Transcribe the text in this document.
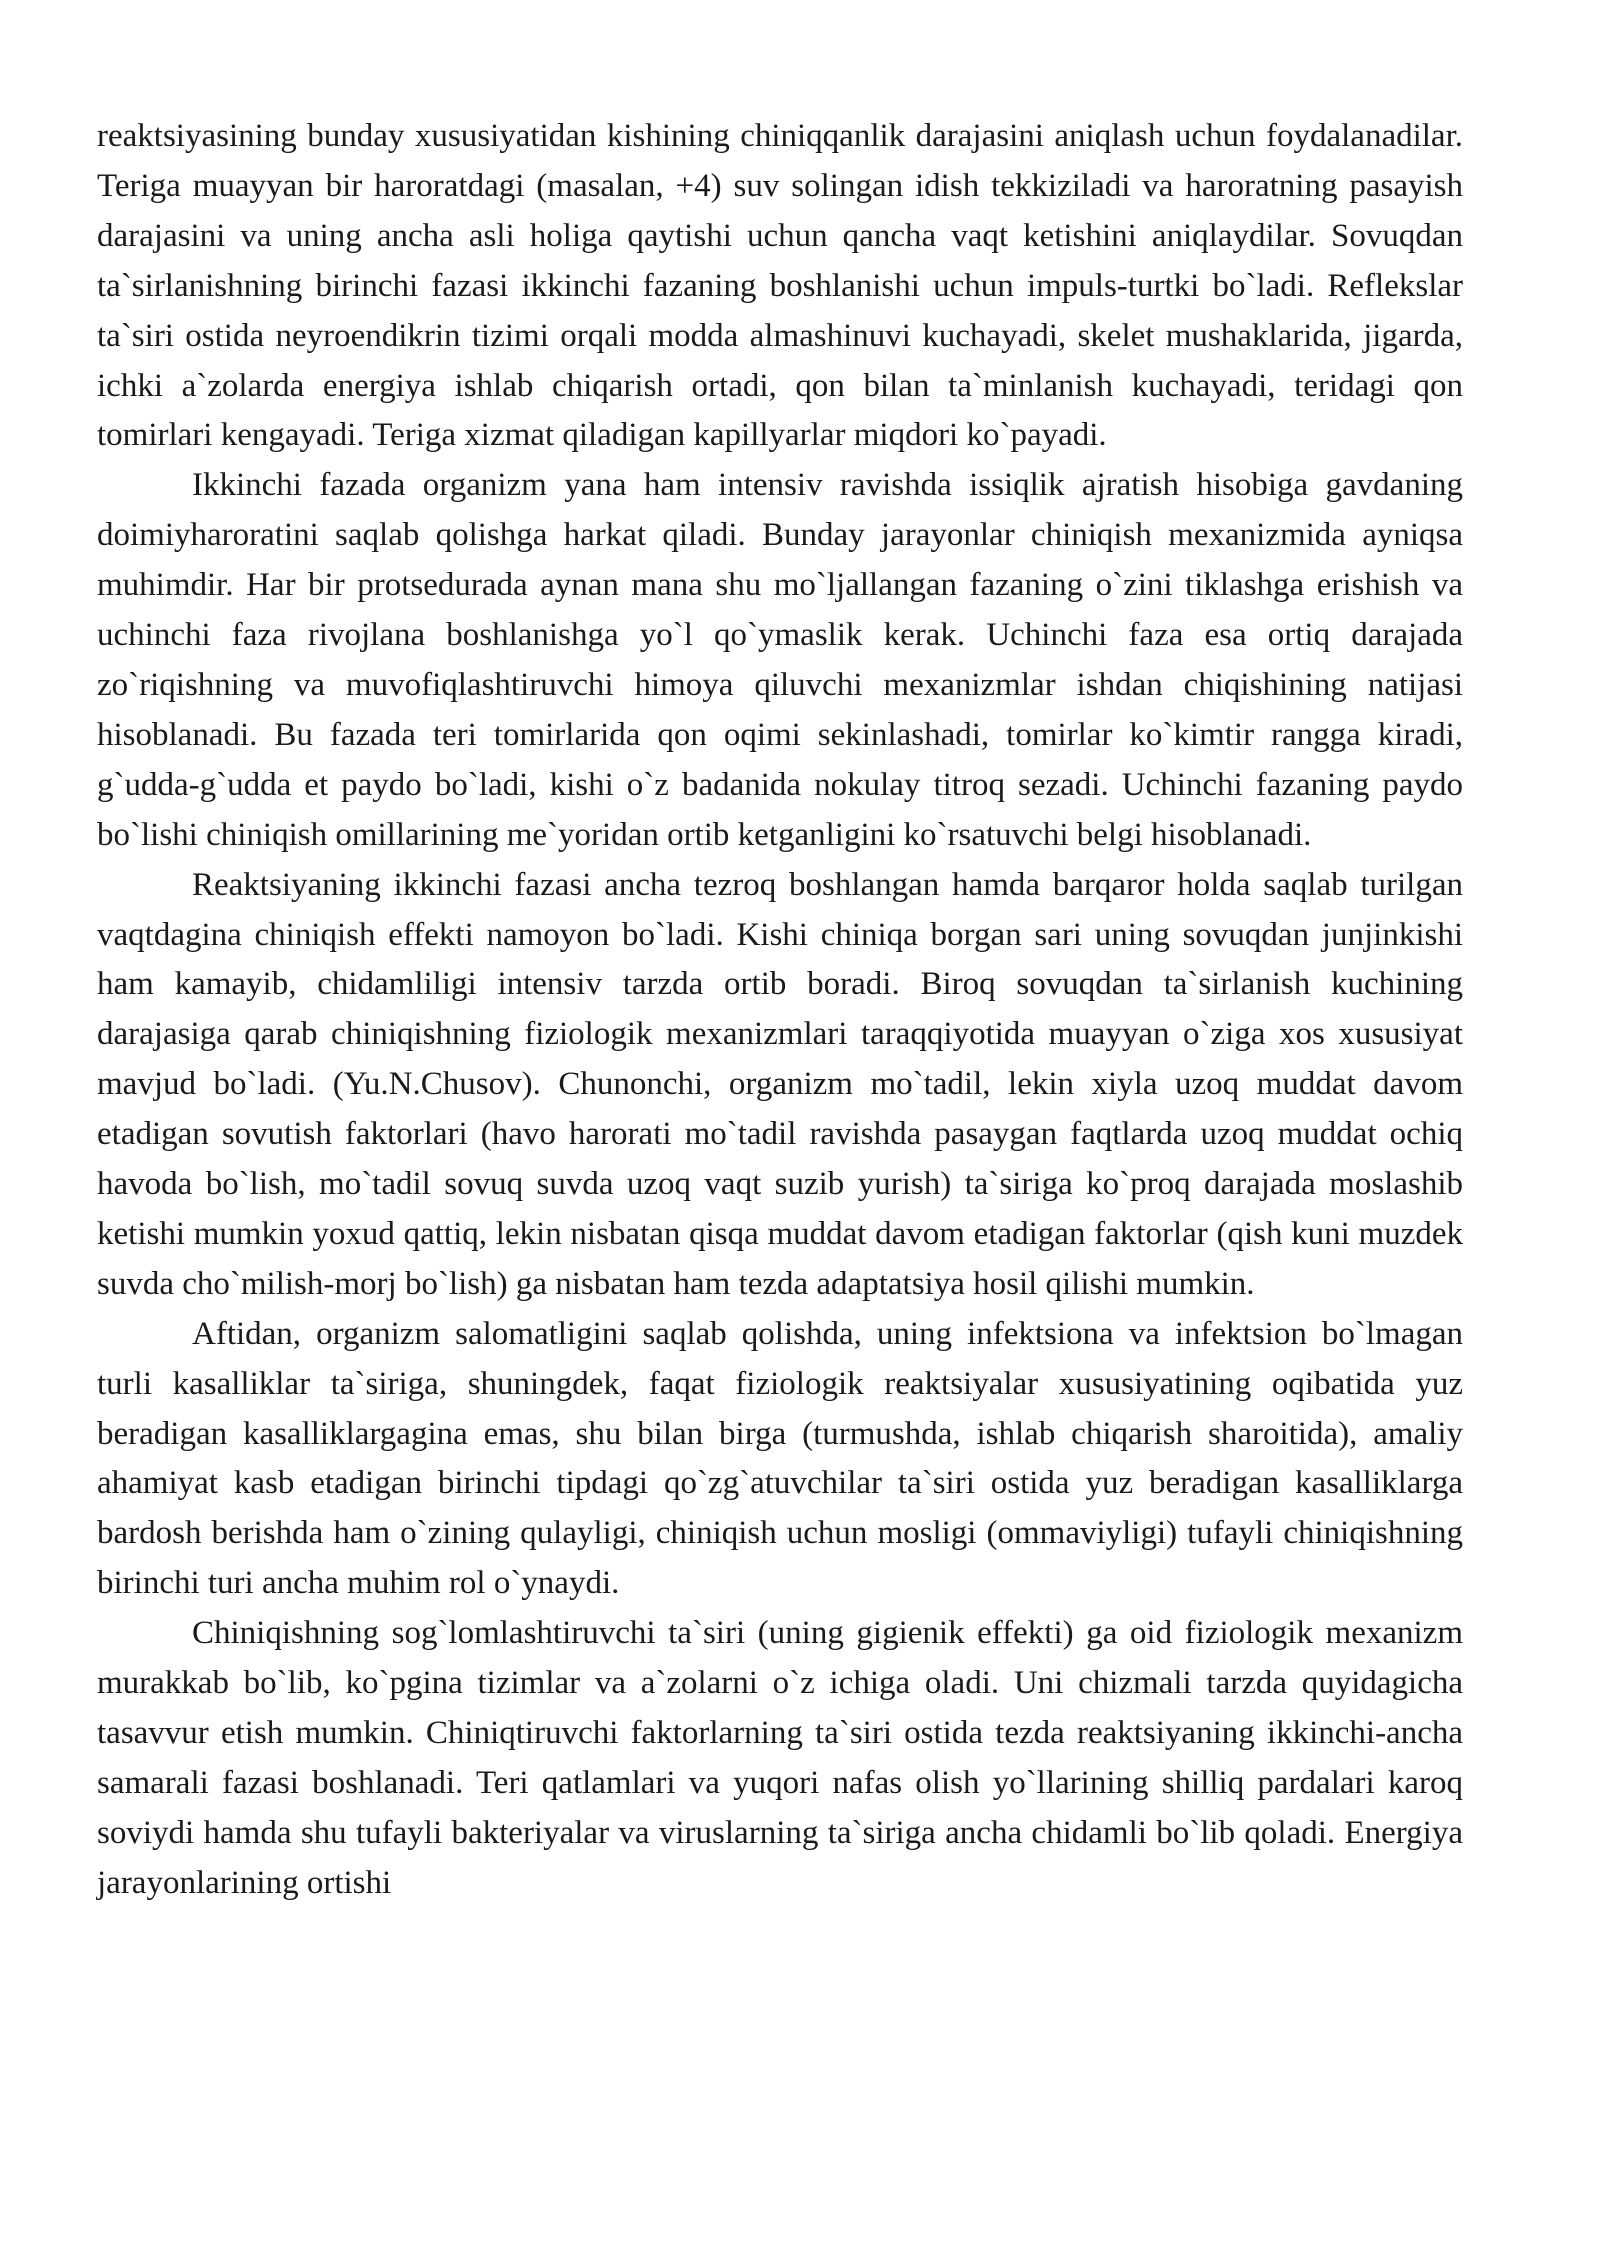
reaktsiyasining bunday xususiyatidan kishining chiniqqanlik darajasini aniqlash uchun foydalanadilar. Teriga muayyan bir haroratdagi (masalan, +4) suv solingan idish tekkiziladi va haroratning pasayish darajasini va uning ancha asli holiga qaytishi uchun qancha vaqt ketishini aniqlaydilar. Sovuqdan ta`sirlanishning birinchi fazasi ikkinchi fazaning boshlanishi uchun impuls-turtki bo`ladi. Reflekslar ta`siri ostida neyroendikrin tizimi orqali modda almashinuvi kuchayadi, skelet mushaklarida, jigarda, ichki a`zolarda energiya ishlab chiqarish ortadi, qon bilan ta`minlanish kuchayadi, teridagi qon tomirlari kengayadi. Teriga xizmat qiladigan kapillyarlar miqdori ko`payadi.

Ikkinchi fazada organizm yana ham intensiv ravishda issiqlik ajratish hisobiga gavdaning doimiyharoratini saqlab qolishga harkat qiladi. Bunday jarayonlar chiniqish mexanizmida ayniqsa muhimdir. Har bir protsedurada aynan mana shu mo`ljallangan fazaning o`zini tiklashga erishish va uchinchi faza rivojlana boshlanishga yo`l qo`ymaslik kerak. Uchinchi faza esa ortiq darajada zo`riqishning va muvofiqlashtiruvchi himoya qiluvchi mexanizmlar ishdan chiqishining natijasi hisoblanadi. Bu fazada teri tomirlarida qon oqimi sekinlashadi, tomirlar ko`kimtir rangga kiradi, g`udda-g`udda et paydo bo`ladi, kishi o`z badanida nokulay titroq sezadi. Uchinchi fazaning paydo bo`lishi chiniqish omillarining me`yoridan ortib ketganligini ko`rsatuvchi belgi hisoblanadi.

Reaktsiyaning ikkinchi fazasi ancha tezroq boshlangan hamda barqaror holda saqlab turilgan vaqtdagina chiniqish effekti namoyon bo`ladi. Kishi chiniqa borgan sari uning sovuqdan junjinkishi ham kamayib, chidamliligi intensiv tarzda ortib boradi. Biroq sovuqdan ta`sirlanish kuchining darajasiga qarab chiniqishning fiziologik mexanizmlari taraqqiyotida muayyan o`ziga xos xususiyat mavjud bo`ladi. (Yu.N.Chusov). Chunonchi, organizm mo`tadil, lekin xiyla uzoq muddat davom etadigan sovutish faktorlari (havo harorati mo`tadil ravishda pasaygan faqtlarda uzoq muddat ochiq havoda bo`lish, mo`tadil sovuq suvda uzoq vaqt suzib yurish) ta`siriga ko`proq darajada moslashib ketishi mumkin yoxud qattiq, lekin nisbatan qisqa muddat davom etadigan faktorlar (qish kuni muzdek suvda cho`milish-morj bo`lish) ga nisbatan ham tezda adaptatsiya hosil qilishi mumkin.

Aftidan, organizm salomatligini saqlab qolishda, uning infektsiona va infektsion bo`lmagan turli kasalliklar ta`siriga, shuningdek, faqat fiziologik reaktsiyalar xususiyatining oqibatida yuz beradigan kasalliklargagina emas, shu bilan birga (turmushda, ishlab chiqarish sharoitida), amaliy ahamiyat kasb etadigan birinchi tipdagi qo`zg`atuvchilar ta`siri ostida yuz beradigan kasalliklarga bardosh berishda ham o`zining qulayligi, chiniqish uchun mosligi (ommaviyligi) tufayli chiniqishning birinchi turi ancha muhim rol o`ynaydi.

Chiniqishning sog`lomlashtiruvchi ta`siri (uning gigienik effekti) ga oid fiziologik mexanizm murakkab bo`lib, ko`pgina tizimlar va a`zolarni o`z ichiga oladi. Uni chizmali tarzda quyidagicha tasavvur etish mumkin. Chiniqtiruvchi faktorlarning ta`siri ostida tezda reaktsiyaning ikkinchi-ancha samarali fazasi boshlanadi. Teri qatlamlari va yuqori nafas olish yo`llarining shilliq pardalari karoq soviydi hamda shu tufayli bakteriyalar va viruslarning ta`siriga ancha chidamli bo`lib qoladi. Energiya jarayonlarining ortishi
